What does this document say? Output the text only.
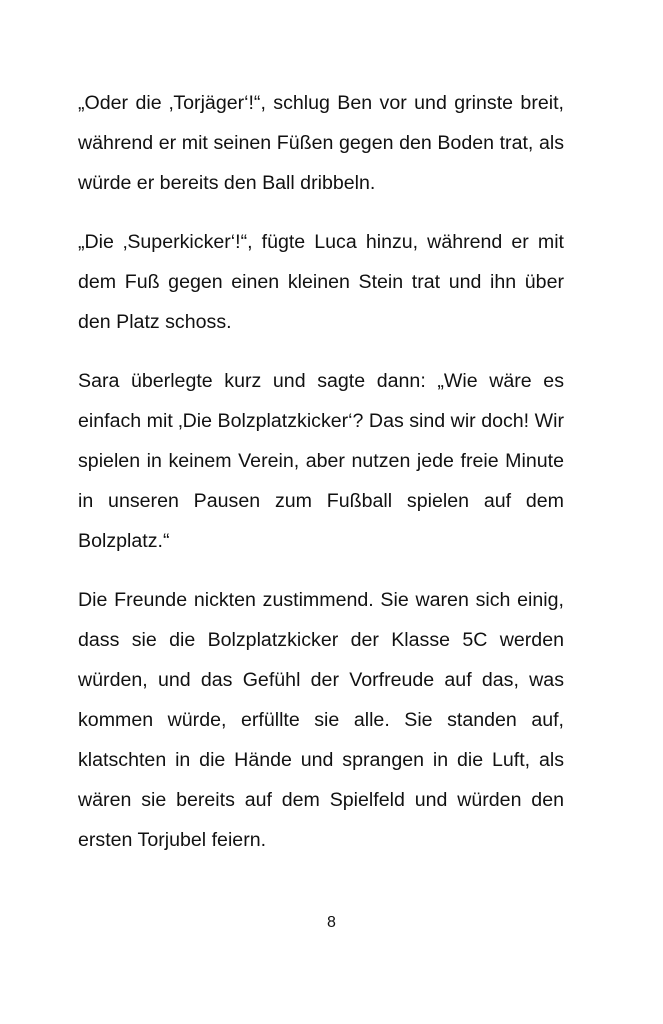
„Oder die ‚Torjäger‘!“, schlug Ben vor und grinste breit, während er mit seinen Füßen gegen den Boden trat, als würde er bereits den Ball dribbeln.

„Die ‚Superkicker‘!“, fügte Luca hinzu, während er mit dem Fuß gegen einen kleinen Stein trat und ihn über den Platz schoss.

Sara überlegte kurz und sagte dann: „Wie wäre es einfach mit ‚Die Bolzplatzkicker‘? Das sind wir doch! Wir spielen in keinem Verein, aber nutzen jede freie Minute in unseren Pausen zum Fußball spielen auf dem Bolzplatz.“

Die Freunde nickten zustimmend. Sie waren sich einig, dass sie die Bolzplatzkicker der Klasse 5C werden würden, und das Gefühl der Vorfreude auf das, was kommen würde, erfüllte sie alle. Sie standen auf, klatschten in die Hände und sprangen in die Luft, als wären sie bereits auf dem Spielfeld und würden den ersten Torjubel feiern.

8
